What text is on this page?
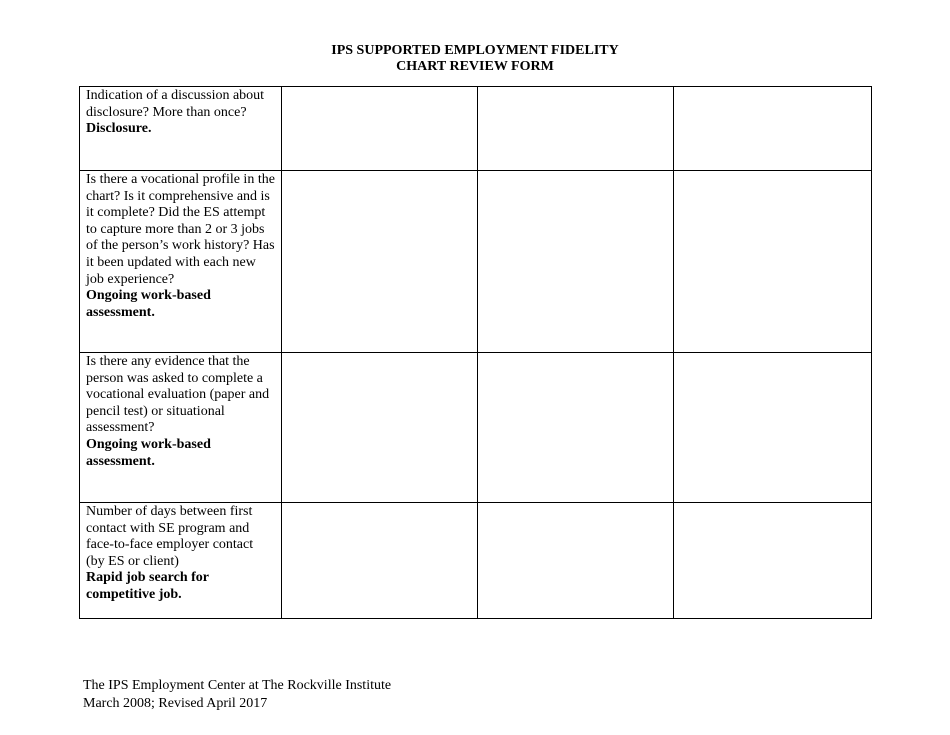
IPS SUPPORTED EMPLOYMENT FIDELITY
CHART REVIEW FORM
Indication of a discussion about disclosure? More than once?
Disclosure.			

Is there a vocational profile in the chart? Is it comprehensive and is it complete? Did the ES attempt to capture more than 2 or 3 jobs of the person’s work history? Has it been updated with each new job experience?
Ongoing work-based assessment.			

Is there any evidence that the person was asked to complete a vocational evaluation (paper and pencil test) or situational assessment?
Ongoing work-based assessment.			

Number of days between first contact with SE program and face-to-face employer contact (by ES or client)
Rapid job search for competitive job.			

The IPS Employment Center at The Rockville Institute
March 2008; Revised April 2017
